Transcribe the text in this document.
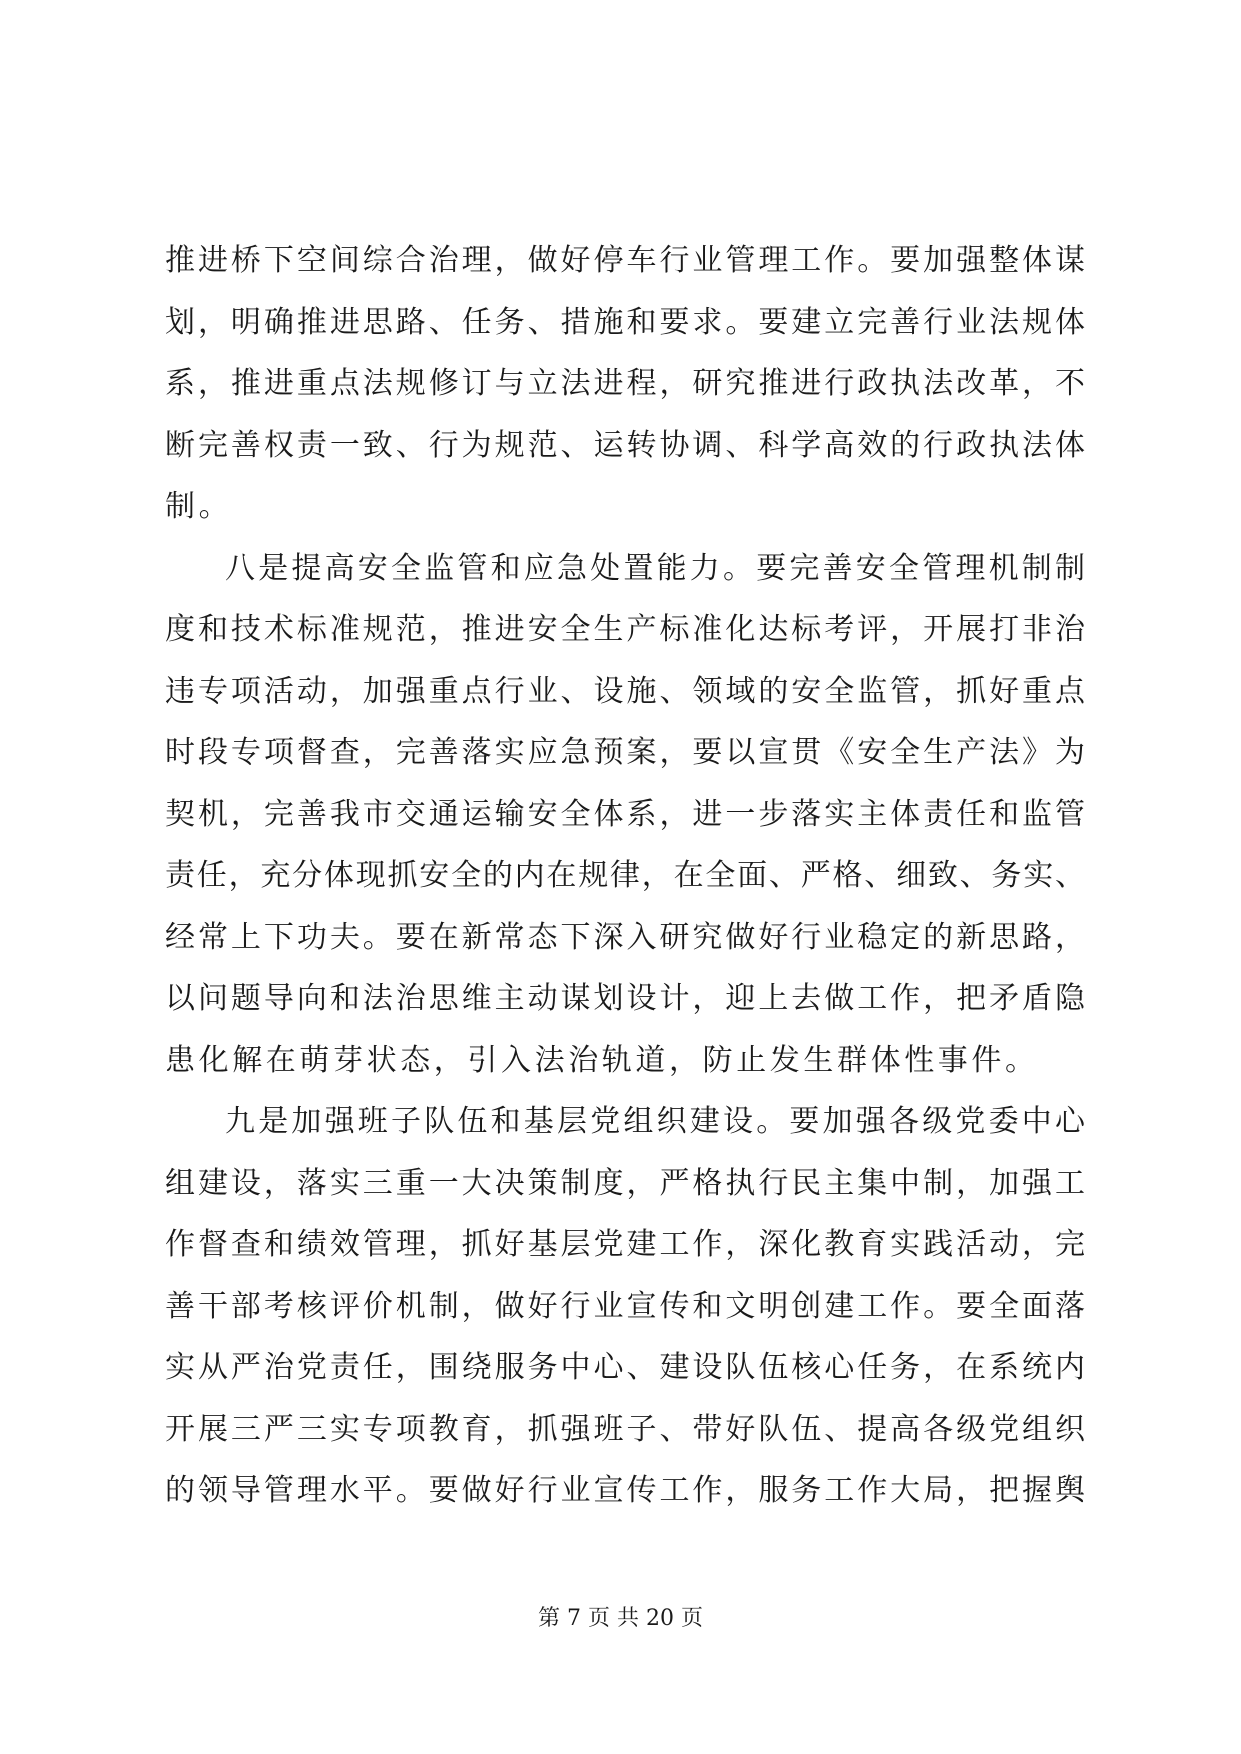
推进桥下空间综合治理，做好停车行业管理工作。要加强整体谋
划，明确推进思路、任务、措施和要求。要建立完善行业法规体
系，推进重点法规修订与立法进程，研究推进行政执法改革，不
断完善权责一致、行为规范、运转协调、科学高效的行政执法体
制。
八是提高安全监管和应急处置能力。要完善安全管理机制制
度和技术标准规范，推进安全生产标准化达标考评，开展打非治
违专项活动，加强重点行业、设施、领域的安全监管，抓好重点
时段专项督查，完善落实应急预案，要以宣贯《安全生产法》为
契机，完善我市交通运输安全体系，进一步落实主体责任和监管
责任，充分体现抓安全的内在规律，在全面、严格、细致、务实、
经常上下功夫。要在新常态下深入研究做好行业稳定的新思路，
以问题导向和法治思维主动谋划设计，迎上去做工作，把矛盾隐
患化解在萌芽状态，引入法治轨道，防止发生群体性事件。
九是加强班子队伍和基层党组织建设。要加强各级党委中心
组建设，落实三重一大决策制度，严格执行民主集中制，加强工
作督查和绩效管理，抓好基层党建工作，深化教育实践活动，完
善干部考核评价机制，做好行业宣传和文明创建工作。要全面落
实从严治党责任，围绕服务中心、建设队伍核心任务，在系统内
开展三严三实专项教育，抓强班子、带好队伍、提高各级党组织
的领导管理水平。要做好行业宣传工作，服务工作大局，把握舆
第 7 页 共 20 页
